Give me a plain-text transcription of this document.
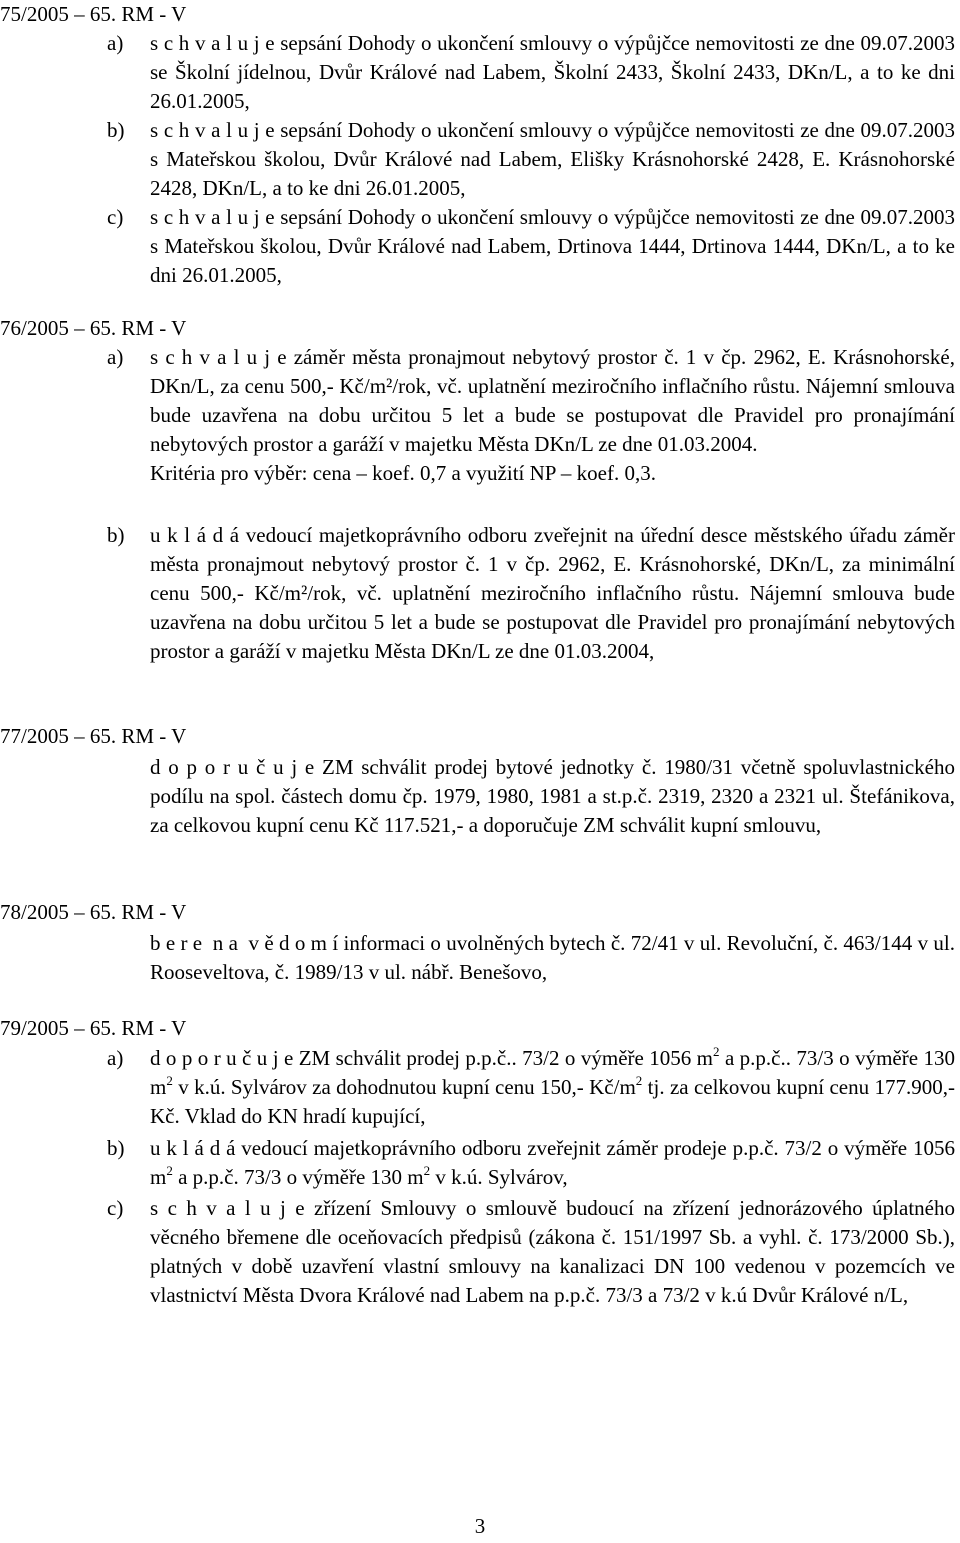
75/2005 – 65. RM - V
a) s c h v a l u j e sepsání Dohody o ukončení smlouvy o výpůjčce nemovitosti ze dne 09.07.2003 se Školní jídelnou, Dvůr Králové nad Labem, Školní 2433, Školní 2433, DKn/L, a to ke dni 26.01.2005,
b) s c h v a l u j e sepsání Dohody o ukončení smlouvy o výpůjčce nemovitosti ze dne 09.07.2003 s Mateřskou školou, Dvůr Králové nad Labem, Elišky Krásnohorské 2428, E. Krásnohorské 2428, DKn/L, a to ke dni 26.01.2005,
c) s c h v a l u j e sepsání Dohody o ukončení smlouvy o výpůjčce nemovitosti ze dne 09.07.2003 s Mateřskou školou, Dvůr Králové nad Labem, Drtinova 1444, Drtinova 1444, DKn/L, a to ke dni 26.01.2005,
76/2005 – 65. RM - V
a) s c h v a l u j e záměr města pronajmout nebytový prostor č. 1 v čp. 2962, E. Krásnohorské, DKn/L, za cenu 500,- Kč/m²/rok, vč. uplatnění meziročního inflačního růstu. Nájemní smlouva bude uzavřena na dobu určitou 5 let a bude se postupovat dle Pravidel pro pronajímání nebytových prostor a garáží v majetku Města DKn/L ze dne 01.03.2004.
Kritéria pro výběr: cena – koef. 0,7 a využití NP – koef. 0,3.
b) u k l á d á vedoucí majetkoprávního odboru zveřejnit na úřední desce městského úřadu záměr města pronajmout nebytový prostor č. 1 v čp. 2962, E. Krásnohorské, DKn/L, za minimální cenu 500,- Kč/m²/rok, vč. uplatnění meziročního inflačního růstu. Nájemní smlouva bude uzavřena na dobu určitou 5 let a bude se postupovat dle Pravidel pro pronajímání nebytových prostor a garáží v majetku Města DKn/L ze dne 01.03.2004,
77/2005 – 65. RM - V
d o p o r u č u j e ZM schválit prodej bytové jednotky č. 1980/31 včetně spoluvlastnického podílu na spol. částech domu čp. 1979, 1980, 1981 a st.p.č. 2319, 2320 a 2321 ul. Štefánikova, za celkovou kupní cenu Kč 117.521,- a doporučuje ZM schválit kupní smlouvu,
78/2005 – 65. RM - V
b e r e  n a  v ě d o m í informaci o uvolněných bytech č. 72/41 v ul. Revoluční, č. 463/144 v ul. Rooseveltova, č. 1989/13 v ul. nábř. Benešovo,
79/2005 – 65. RM - V
a) d o p o r u č u j e ZM schválit prodej p.p.č.. 73/2 o výměře 1056 $m^2$ a p.p.č.. 73/3 o výměře 130 $m^2$ v k.ú. Sylvárov za dohodnutou kupní cenu 150,- $Kč/m^2$ tj. za celkovou kupní cenu 177.900,- Kč. Vklad do KN hradí kupující,
b) u k l á d á vedoucí majetkoprávního odboru zveřejnit záměr prodeje p.p.č. 73/2 o výměře 1056 $m^2$ a p.p.č. 73/3 o výměře 130 $m^2$ v k.ú. Sylvárov,
c) s c h v a l u j e zřízení Smlouvy o smlouvě budoucí na zřízení jednorázového úplatného věcného břemene dle oceňovacích předpisů (zákona č. 151/1997 Sb. a vyhl. č. 173/2000 Sb.), platných v době uzavření vlastní smlouvy na kanalizaci DN 100 vedenou v pozemcích ve vlastnictví Města Dvora Králové nad Labem na p.p.č. 73/3 a 73/2 v k.ú Dvůr Králové n/L,
3
